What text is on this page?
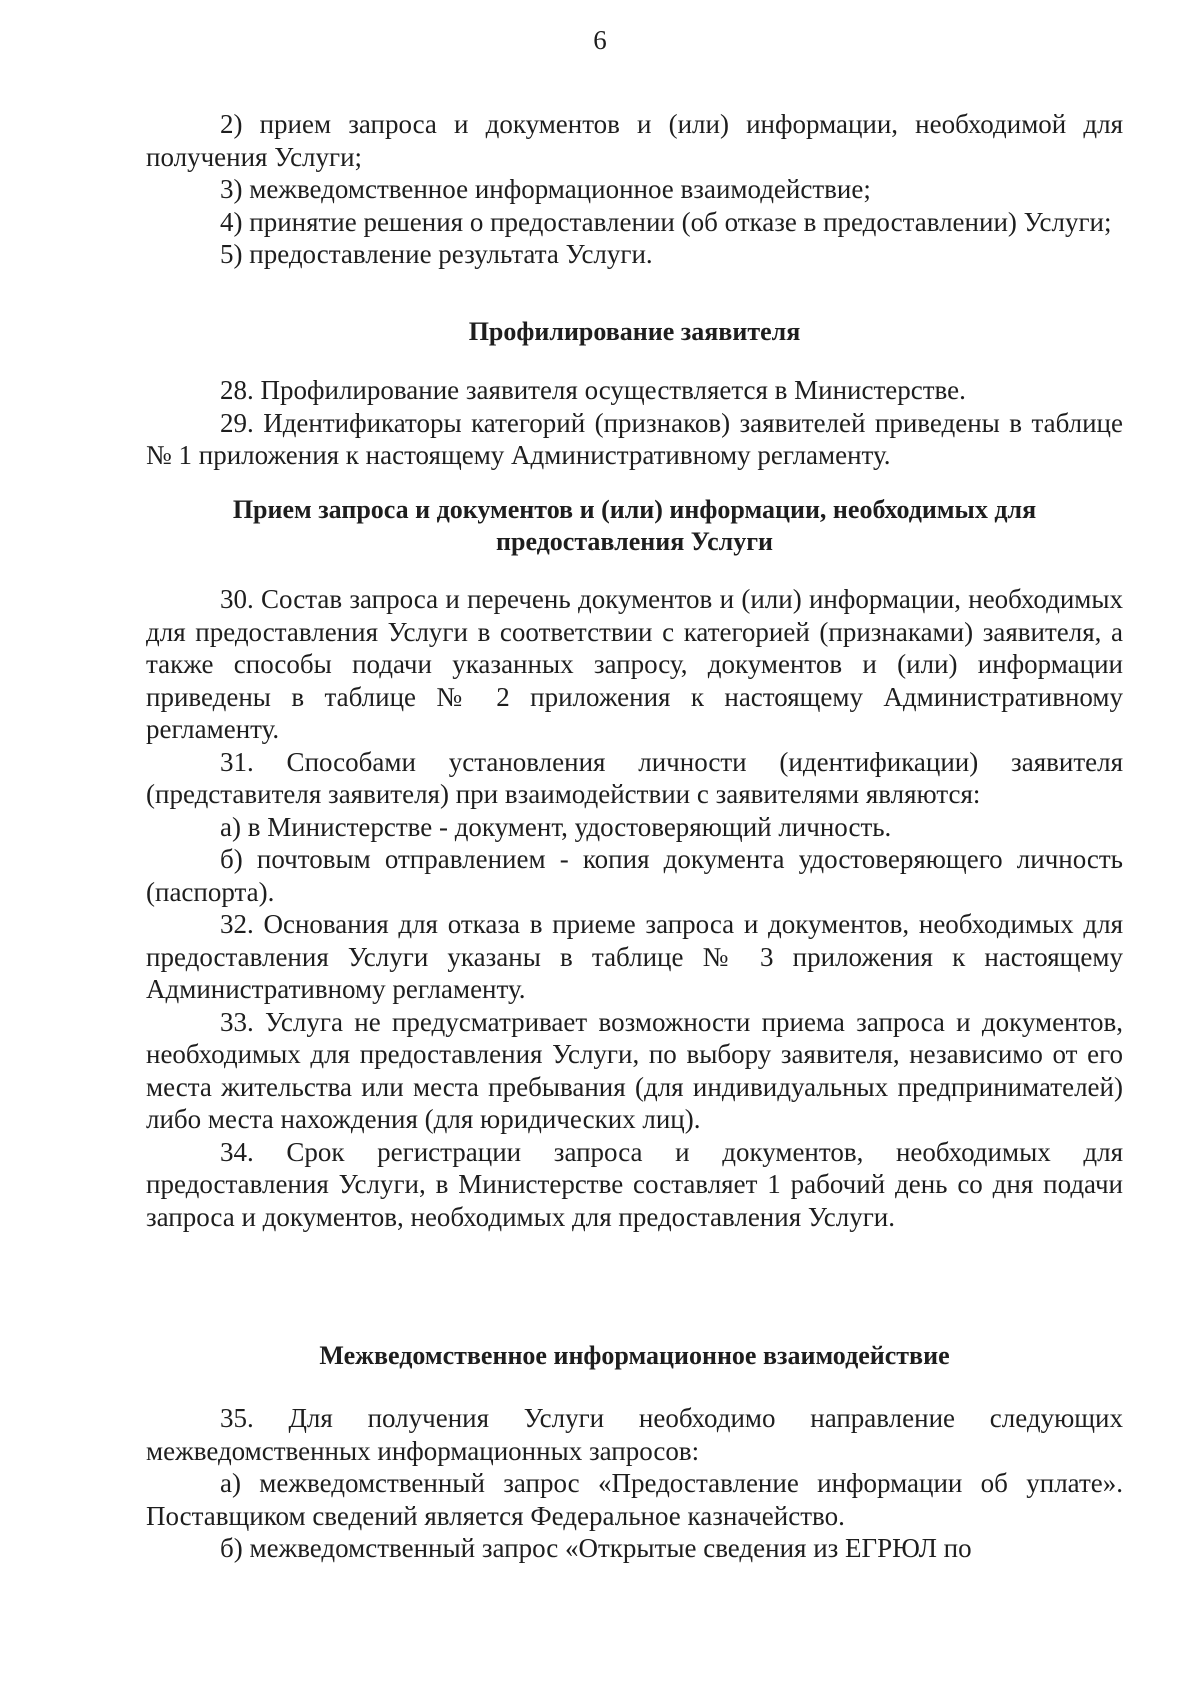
6

2) прием запроса и документов и (или) информации, необходимой для получения Услуги;

3) межведомственное информационное взаимодействие;

4) принятие решения о предоставлении (об отказе в предоставлении) Услуги;

5) предоставление результата Услуги.

Профилирование заявителя

28. Профилирование заявителя осуществляется в Министерстве.

29. Идентификаторы категорий (признаков) заявителей приведены в таблице № 1 приложения к настоящему Административному регламенту.

Прием запроса и документов и (или) информации, необходимых для
предоставления Услуги

30. Состав запроса и перечень документов и (или) информации, необходимых для предоставления Услуги в соответствии с категорией (признаками) заявителя, а также способы подачи указанных запросу, документов и (или) информации приведены в таблице № 2 приложения к настоящему Административному регламенту.

31. Способами установления личности (идентификации) заявителя (представителя заявителя) при взаимодействии с заявителями являются:

а) в Министерстве - документ, удостоверяющий личность.

б) почтовым отправлением - копия документа удостоверяющего личность (паспорта).

32. Основания для отказа в приеме запроса и документов, необходимых для предоставления Услуги указаны в таблице № 3 приложения к настоящему Административному регламенту.

33. Услуга не предусматривает возможности приема запроса и документов, необходимых для предоставления Услуги, по выбору заявителя, независимо от его места жительства или места пребывания (для индивидуальных предпринимателей) либо места нахождения (для юридических лиц).

34. Срок регистрации запроса и документов, необходимых для предоставления Услуги, в Министерстве составляет 1 рабочий день со дня подачи запроса и документов, необходимых для предоставления Услуги.

Межведомственное информационное взаимодействие

35. Для получения Услуги необходимо направление следующих межведомственных информационных запросов:

а) межведомственный запрос «Предоставление информации об уплате». Поставщиком сведений является Федеральное казначейство.

б) межведомственный запрос «Открытые сведения из ЕГРЮЛ по
